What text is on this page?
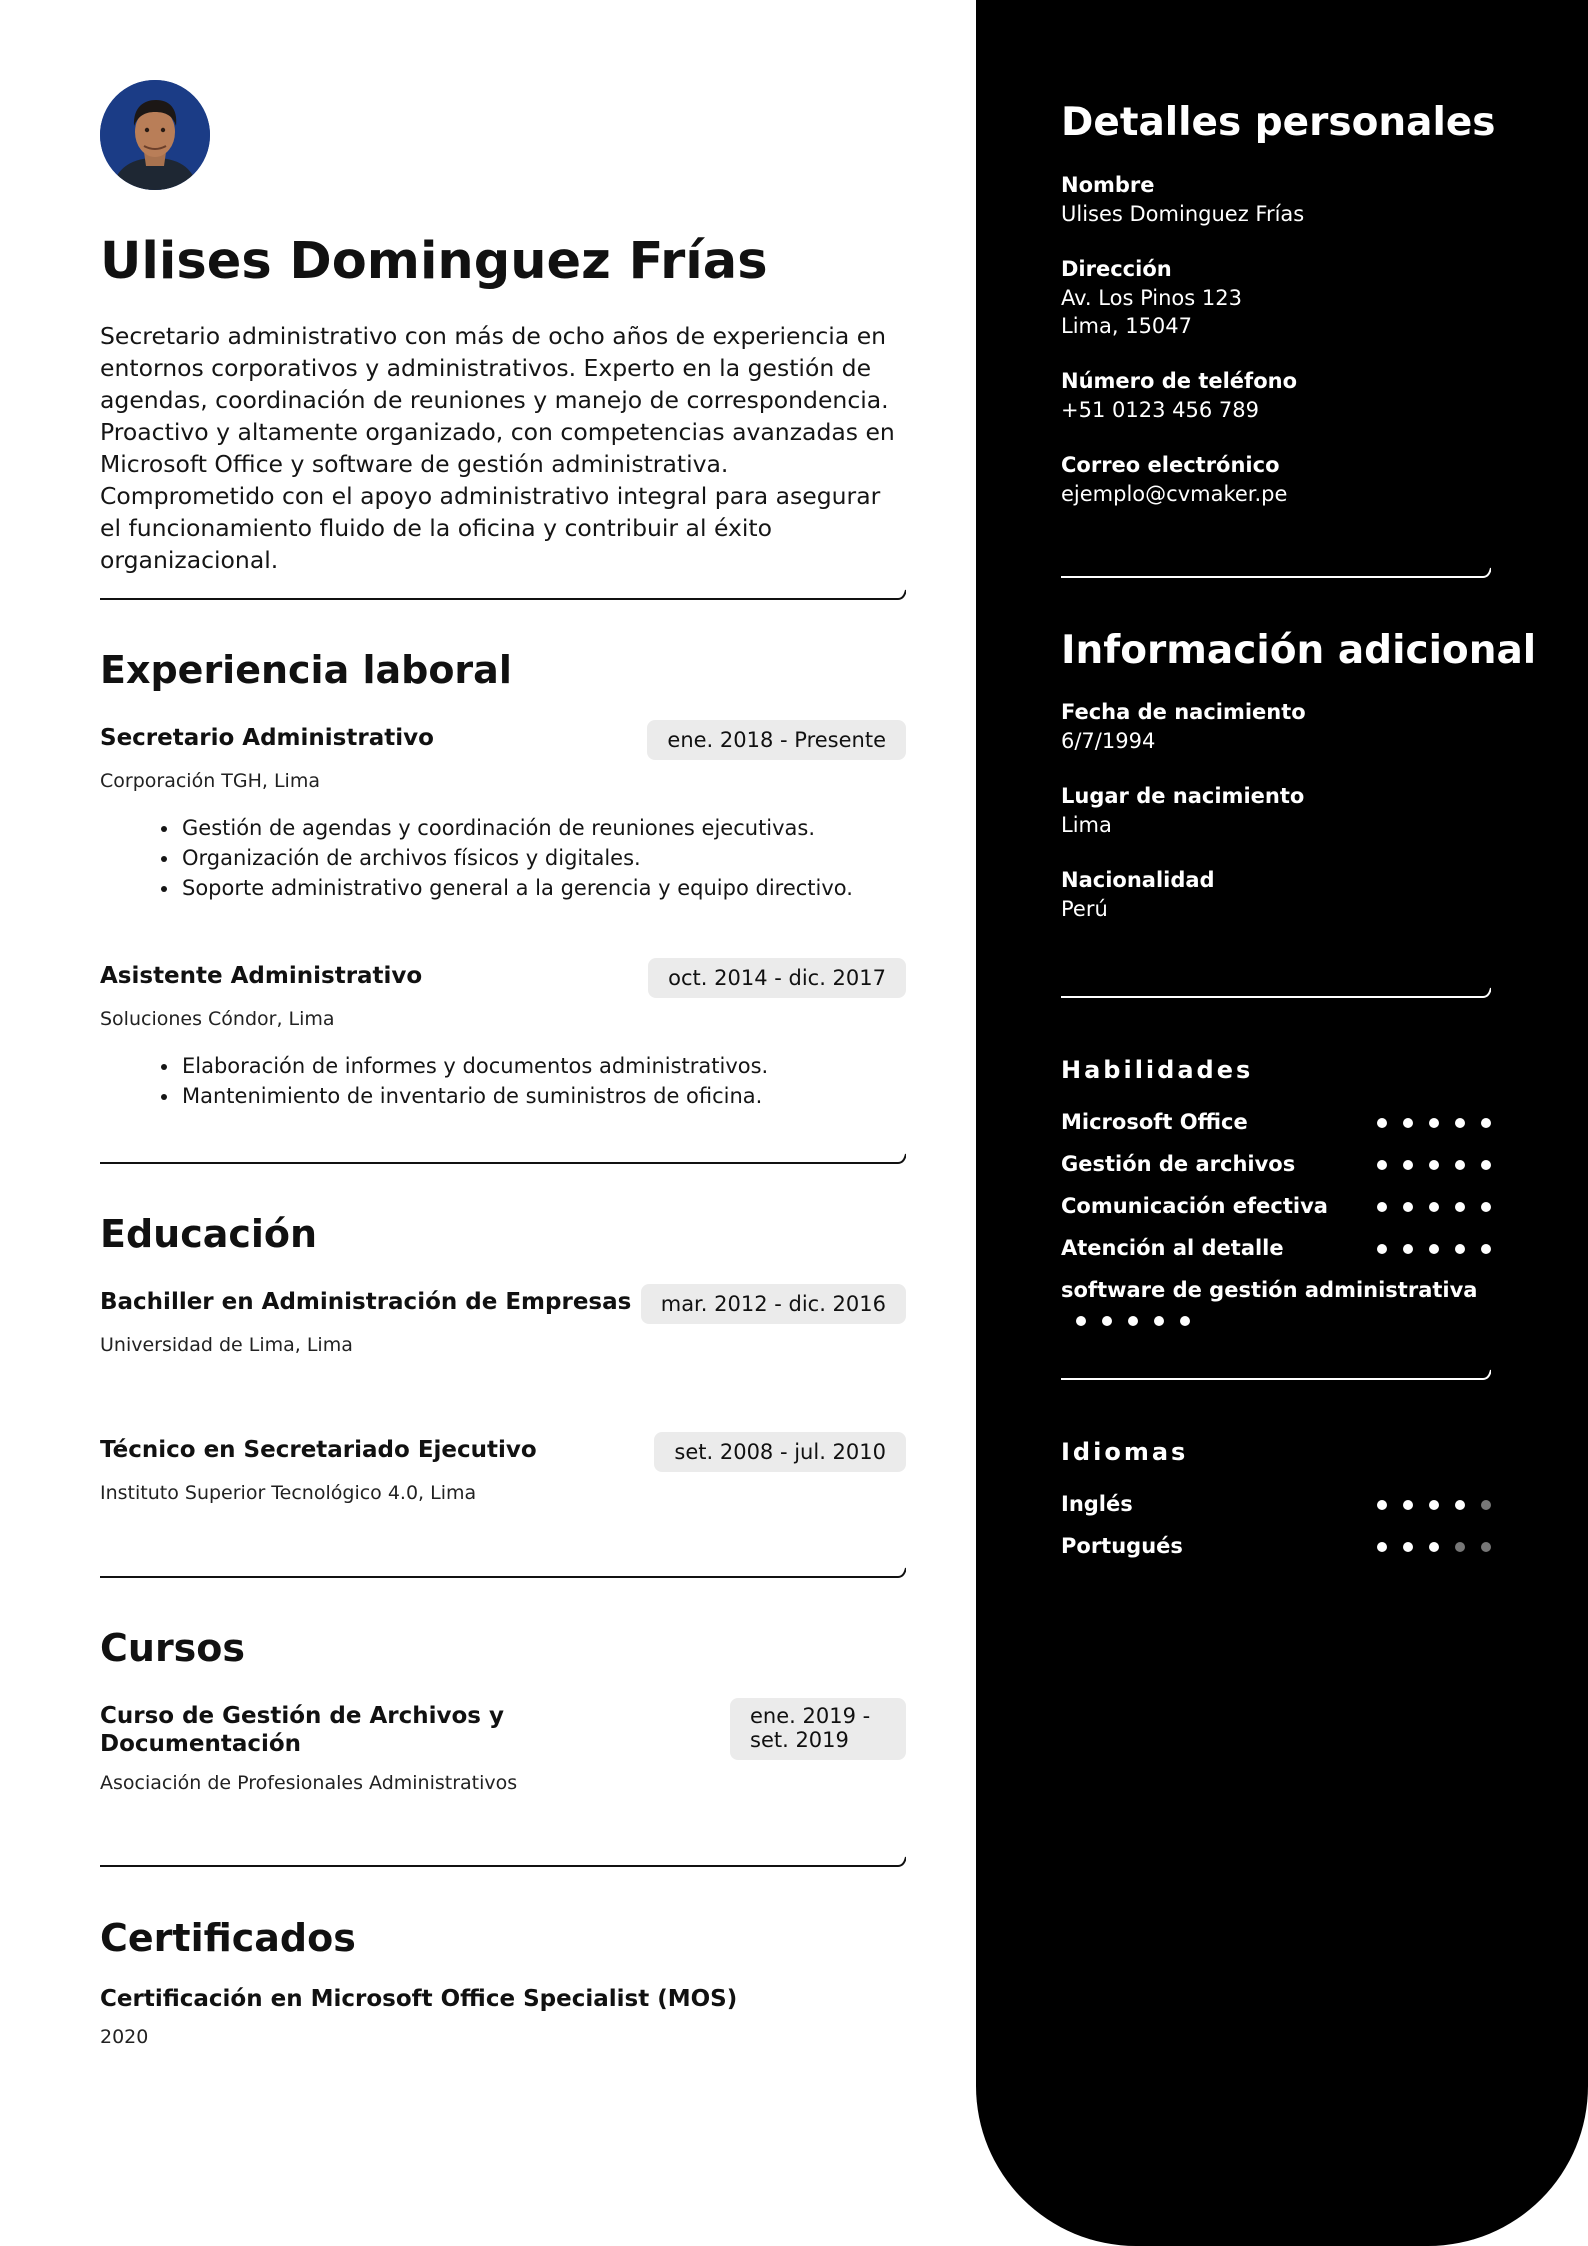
Ulises Dominguez Frías

Secretario administrativo con más de ocho años de experiencia en entornos corporativos y administrativos. Experto en la gestión de agendas, coordinación de reuniones y manejo de correspondencia. Proactivo y altamente organizado, con competencias avanzadas en Microsoft Office y software de gestión administrativa. Comprometido con el apoyo administrativo integral para asegurar el funcionamiento fluido de la oficina y contribuir al éxito organizacional.

Experiencia laboral
Secretario Administrativo	ene. 2018 - Presente
Corporación TGH, Lima
• Gestión de agendas y coordinación de reuniones ejecutivas.
• Organización de archivos físicos y digitales.
• Soporte administrativo general a la gerencia y equipo directivo.
Asistente Administrativo	oct. 2014 - dic. 2017
Soluciones Cóndor, Lima
• Elaboración de informes y documentos administrativos.
• Mantenimiento de inventario de suministros de oficina.
Educación
Bachiller en Administración de Empresas	mar. 2012 - dic. 2016
Universidad de Lima, Lima
Técnico en Secretariado Ejecutivo	set. 2008 - jul. 2010
Instituto Superior Tecnológico 4.0, Lima
Cursos
Curso de Gestión de Archivos y Documentación
ene. 2019 - set. 2019
Asociación de Profesionales Administrativos
Certificados
Certificación en Microsoft Office Specialist (MOS)
2020
Detalles personales
Nombre
Ulises Dominguez Frías
Dirección
Av. Los Pinos 123
Lima, 15047
Número de teléfono
+51 0123 456 789
Correo electrónico
ejemplo@cvmaker.pe
Información adicional
Fecha de nacimiento
6/7/1994
Lugar de nacimiento
Lima
Nacionalidad
Perú
Habilidades
Microsoft Office
Gestión de archivos
Comunicación efectiva
Atención al detalle
software de gestión administrativa
Idiomas
Inglés
Portugués
